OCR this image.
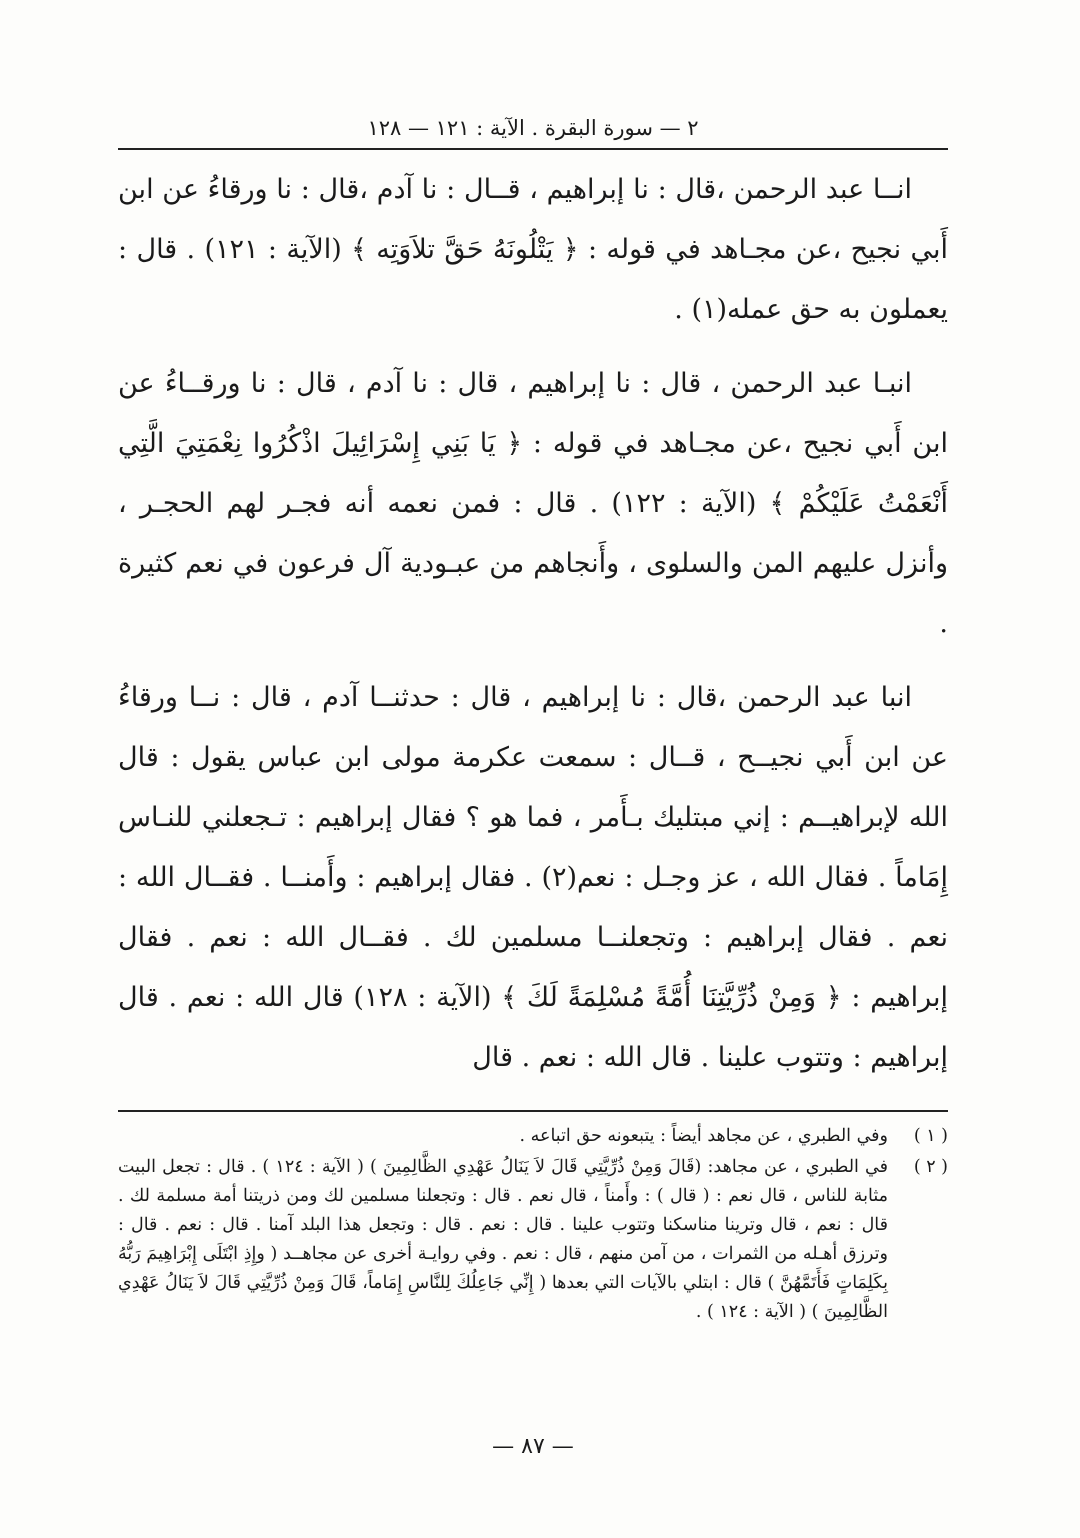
٢ — سورة البقرة . الآية : ١٢١ — ١٢٨

انــا عبد الرحمن ،قال : نا إبراهيم ، قــال : نا آدم ،قال : نا ورقاءُ عن ابن أَبي نجيح ،عن مجـاهد في قوله : ﴿ يَتْلُونَهُ حَقَّ تلاَوَتِه ﴾ (الآية : ١٢١) . قال : يعملون به حق عمله(١) .

انبـا عبد الرحمن ، قال : نا إبراهيم ، قال : نا آدم ، قال : نا ورقــاءُ عن ابن أَبي نجيح ،عن مجـاهد في قوله : ﴿ يَا بَنِي إِسْرَائِيلَ اذْكُرُوا نِعْمَتِيَ الَّتِي أَنْعَمْتُ عَلَيْكُمْ ﴾ (الآية : ١٢٢) . قال : فمن نعمه أنه فجـر لهم الحجـر ، وأنزل عليهم المن والسلوى ، وأَنجاهم من عبـودية آل فرعون في نعم كثيرة .

انبا عبد الرحمن ،قال : نا إبراهيم ، قال : حدثنــا آدم ، قال : نــا ورقاءُ عن ابن أَبي نجيــح ، قــال : سمعت عكرمة مولى ابن عباس يقول : قال الله لإبراهيــم : إني مبتليك بـأَمر ، فما هو ؟ فقال إبراهيم : تـجعلني للنـاس إِمَاماً . فقال الله ، عز وجـل : نعم(٢) . فقال إبراهيم : وأَمنــا . فقــال الله : نعم . فقال إبراهيم : وتجعلنــا مسلمين لك . فقــال الله : نعم . فقال إبراهيم : ﴿ وَمِنْ ذُرِّيَّتِنَا أُمَّةً مُسْلِمَةً لَكَ ﴾ (الآية : ١٢٨) قال الله : نعم . قال إبراهيم : وتتوب علينا . قال الله : نعم . قال

( ١ )
وفي الطبري ، عن مجاهد أيضاً : يتبعونه حق اتباعه .
( ٢ )
في الطبري ، عن مجاهد: (قَالَ وَمِنْ ذُرِّيَّتِي قَالَ لاَ يَنَالُ عَهْدِي الظَّالِمِينَ ) ( الآية : ١٢٤ ) . قال : تجعل البيت مثابة للناس ، قال نعم : ( قال ) : وأَمناً ، قال نعم . قال : وتجعلنا مسلمين لك ومن ذريتنا أمة مسلمة لك . قال : نعم ، قال وترينا مناسكنا وتتوب علينا . قال : نعم . قال : وتجعل هذا البلد آمنا . قال : نعم . قال : وترزق أهـله من الثمرات ، من آمن منهم ، قال : نعم . وفي روايـة أخرى عن مجاهــد ( وإِذِ ابْتَلَى إِبْرَاهِيمَ رَبُّهُ بِكَلِمَاتٍ فَأَتَمَّهُنَّ ) قال : ابتلي بالآيات التي بعدها ( إِنِّي جَاعِلُكَ لِلنَّاسِ إِمَاماً، قَالَ وَمِنْ ذُرِّيَّتِي قَالَ لاَ يَنَالُ عَهْدِي الظَّالِمِينَ ) ( الآية : ١٢٤ ) .
— ٨٧ —
